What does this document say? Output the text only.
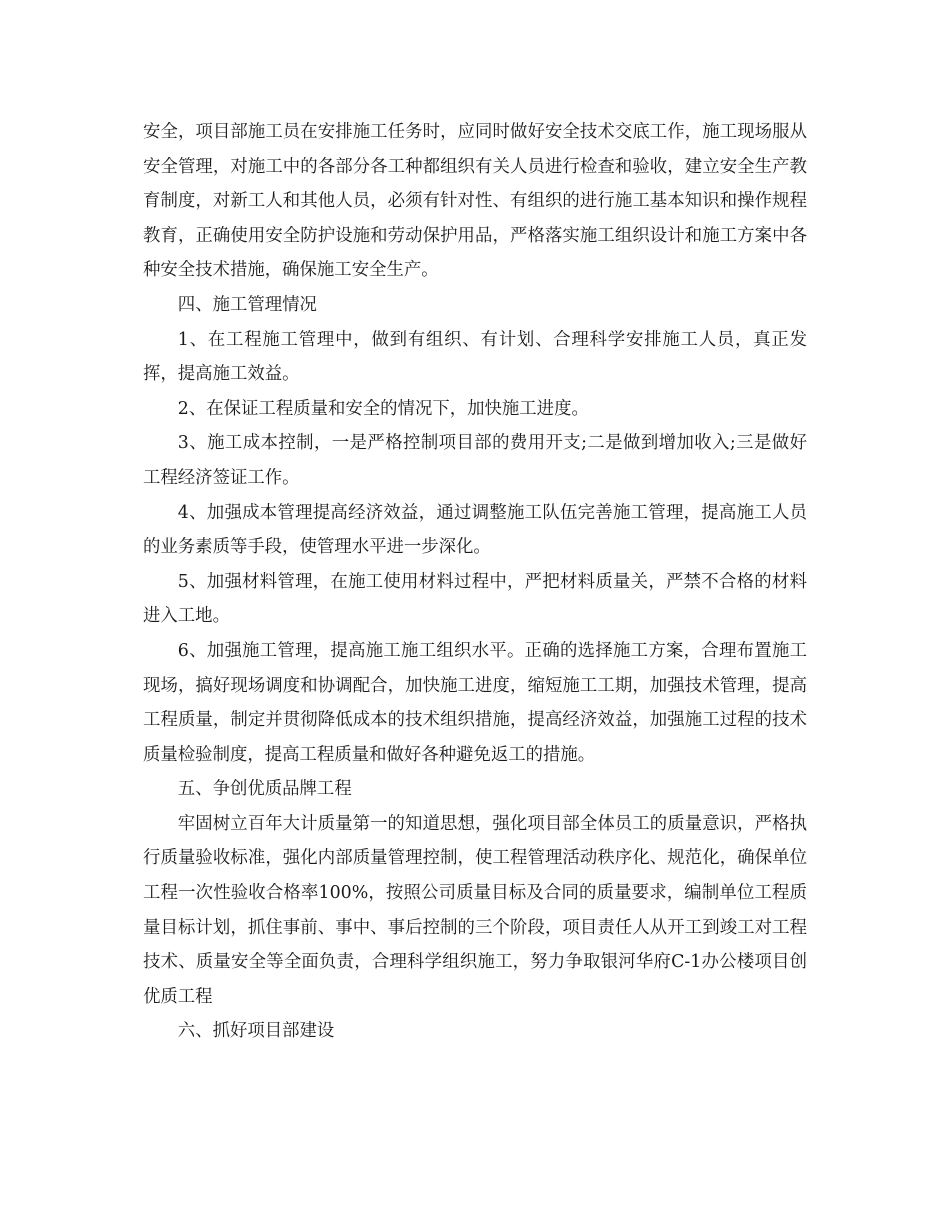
安全，项目部施工员在安排施工任务时，应同时做好安全技术交底工作，施工现场服从安全管理，对施工中的各部分各工种都组织有关人员进行检查和验收，建立安全生产教育制度，对新工人和其他人员，必须有针对性、有组织的进行施工基本知识和操作规程教育，正确使用安全防护设施和劳动保护用品，严格落实施工组织设计和施工方案中各种安全技术措施，确保施工安全生产。

四、施工管理情况

1、在工程施工管理中，做到有组织、有计划、合理科学安排施工人员，真正发挥，提高施工效益。

2、在保证工程质量和安全的情况下，加快施工进度。

3、施工成本控制，一是严格控制项目部的费用开支;二是做到增加收入;三是做好工程经济签证工作。

4、加强成本管理提高经济效益，通过调整施工队伍完善施工管理，提高施工人员的业务素质等手段，使管理水平进一步深化。

5、加强材料管理，在施工使用材料过程中，严把材料质量关，严禁不合格的材料进入工地。

6、加强施工管理，提高施工施工组织水平。正确的选择施工方案，合理布置施工现场，搞好现场调度和协调配合，加快施工进度，缩短施工工期，加强技术管理，提高工程质量，制定并贯彻降低成本的技术组织措施，提高经济效益，加强施工过程的技术质量检验制度，提高工程质量和做好各种避免返工的措施。

五、争创优质品牌工程

牢固树立百年大计质量第一的知道思想，强化项目部全体员工的质量意识，严格执行质量验收标准，强化内部质量管理控制，使工程管理活动秩序化、规范化，确保单位工程一次性验收合格率100%，按照公司质量目标及合同的质量要求，编制单位工程质量目标计划，抓住事前、事中、事后控制的三个阶段，项目责任人从开工到竣工对工程技术、质量安全等全面负责，合理科学组织施工，努力争取银河华府C-1办公楼项目创优质工程

六、抓好项目部建设
